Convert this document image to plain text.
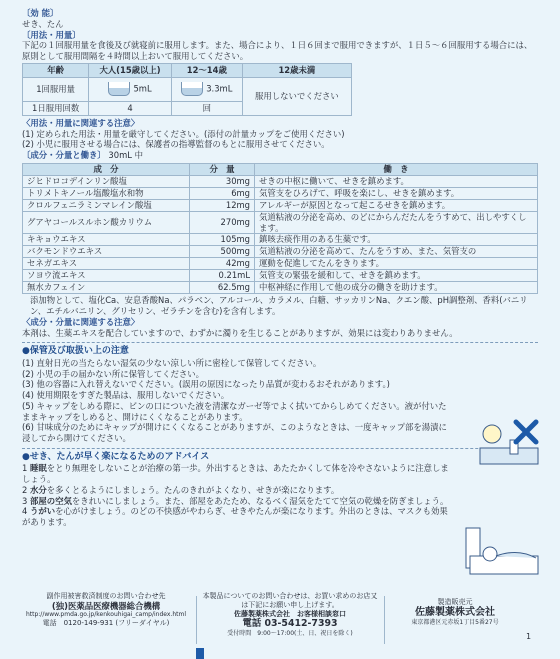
〔効 能〕
せき、たん
〔用法・用量〕

下記の１回服用量を食後及び就寝前に服用します。また、場合により、１日６回まで服用できますが、１日５〜６回服用する場合には、原則として服用間隔を４時間以上おいて服用してください。

年齢	大人(15歳以上)	12〜14歳	12歳未満
1回服用量	5mL	3.3mL	服用しないでください
1日服用回数	4	回	
〈用法・用量に関連する注意〉
(1) 定められた用法・用量を厳守してください。(添付の計量カップをご使用ください)
(2) 小児に服用させる場合には、保護者の指導監督のもとに服用させてください。
〔成分・分量と働き〕 30mL 中
成　分	分　量	働　き
ジヒドロコデインリン酸塩	30mg	せきの中枢に働いて、せきを鎮めます。
トリメトキノール塩酸塩水和物	6mg	気管支をひろげて、呼吸を楽にし、せきを鎮めます。
クロルフェニラミンマレイン酸塩	12mg	アレルギーが原因となって起こるせきを鎮めます。
グアヤコールスルホン酸カリウム	270mg	気道粘液の分泌を高め、のどにからんだたんをうすめて、出しやすくします。
キキョウエキス	105mg	鎮咳去痰作用のある生薬です。
バクモンドウエキス	500mg	気道粘液の分泌を高めて、たんをうすめ、また、気管支の
セネガエキス	42mg	運動を促進してたんをきります。
ソヨウ流エキス	0.21mL	気管支の緊張を緩和して、せきを鎮めます。
無水カフェイン	62.5mg	中枢神経に作用して他の成分の働きを助けます。

添加物として、塩化Ca、安息香酸Na、パラベン、アルコール、カラメル、白糖、サッカリンNa、クエン酸、pH調整剤、香料(バニリン、エチルバニリン、グリセリン、ゼラチンを含む)を含有します。

〈成分・分量に関連する注意〉

本剤は、生薬エキスを配合していますので、わずかに濁りを生じることがありますが、効果には変わりありません。

●保管及び取扱い上の注意
(1) 直射日光の当たらない湿気の少ない涼しい所に密栓して保管してください。
(2) 小児の手の届かない所に保管してください。
(3) 他の容器に入れ替えないでください。(誤用の原因になったり品質が変わるおそれがあります。)
(4) 使用期限をすぎた製品は、服用しないでください。
(5) キャップをしめる際に、ビンの口についた液を清潔なガーゼ等でよく拭いてからしめてください。液が付いたままキャップをしめると、開けにくくなることがあります。
(6) 甘味成分のためにキャップが開けにくくなることがありますが、このようなときは、一度キャップ部を湯漬に浸してから開けてください。
●せき、たんが早く楽になるためのアドバイス
1 睡眠をとり無理をしないことが治療の第一歩。外出するときは、あたたかくして体を冷やさないように注意しましょう。
2 水分を多くとるようにしましょう。たんのきれがよくなり、せきが楽になります。
3 部屋の空気をきれいにしましょう。また、部屋をあたため、なるべく湿気をたてて空気の乾燥を防ぎましょう。
4 うがいを心がけましょう。のどの不快感がやわらぎ、せきやたんが楽になります。外出のときは、マスクも効果があります。
副作用被害救済制度のお問い合わせ先
(独)医薬品医療機器総合機構
http://www.pmda.go.jp/kenkouhigai_camp/index.html
電話　0120-149-931 (フリーダイヤル)
本製品についてのお問い合わせは、お買い求めのお店又は下記にお願い申し上げます。
佐藤製薬株式会社　お客様相談窓口
電話 03-5412-7393
受付時間　9:00〜17:00(土、日、祝日を除く)
製造販売元
佐藤製薬株式会社
東京都港区元赤坂1丁目5番27号
1
